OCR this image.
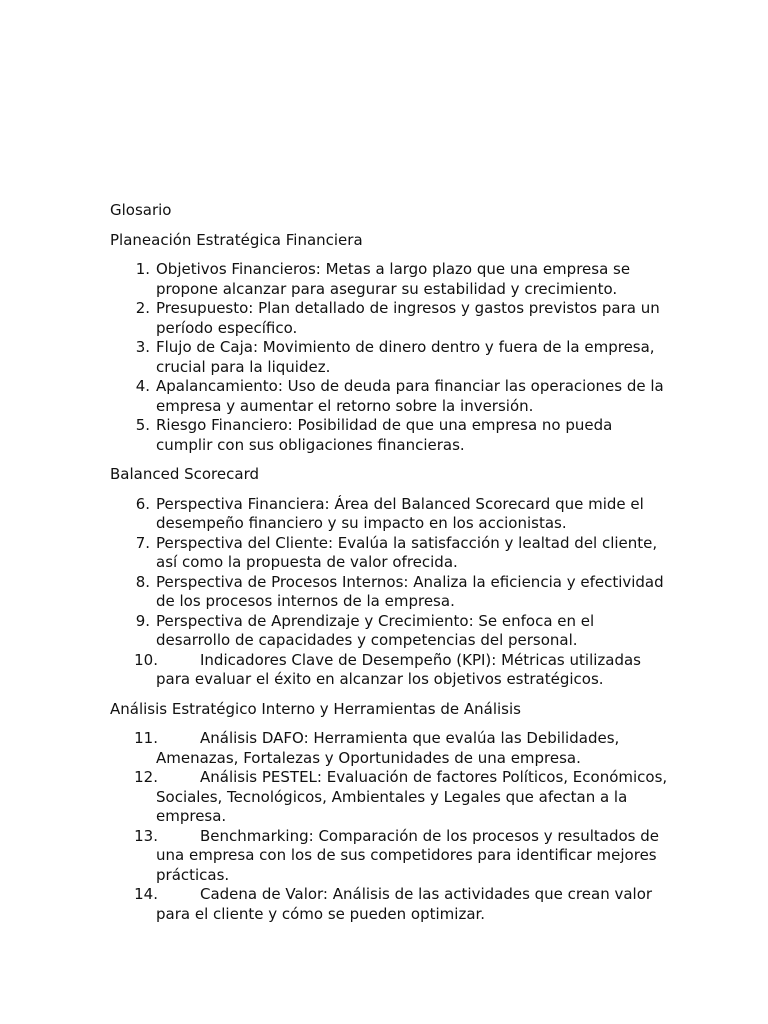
Glosario

Planeación Estratégica Financiera

1. Objetivos Financieros: Metas a largo plazo que una empresa se propone alcanzar para asegurar su estabilidad y crecimiento.
2. Presupuesto: Plan detallado de ingresos y gastos previstos para un período específico.
3. Flujo de Caja: Movimiento de dinero dentro y fuera de la empresa, crucial para la liquidez.
4. Apalancamiento: Uso de deuda para financiar las operaciones de la empresa y aumentar el retorno sobre la inversión.
5. Riesgo Financiero: Posibilidad de que una empresa no pueda cumplir con sus obligaciones financieras.

Balanced Scorecard

6. Perspectiva Financiera: Área del Balanced Scorecard que mide el desempeño financiero y su impacto en los accionistas.
7. Perspectiva del Cliente: Evalúa la satisfacción y lealtad del cliente, así como la propuesta de valor ofrecida.
8. Perspectiva de Procesos Internos: Analiza la eficiencia y efectividad de los procesos internos de la empresa.
9. Perspectiva de Aprendizaje y Crecimiento: Se enfoca en el desarrollo de capacidades y competencias del personal.
10.	Indicadores Clave de Desempeño (KPI): Métricas utilizadas para evaluar el éxito en alcanzar los objetivos estratégicos.

Análisis Estratégico Interno y Herramientas de Análisis

11.	Análisis DAFO: Herramienta que evalúa las Debilidades, Amenazas, Fortalezas y Oportunidades de una empresa.
12.	Análisis PESTEL: Evaluación de factores Políticos, Económicos, Sociales, Tecnológicos, Ambientales y Legales que afectan a la empresa.
13.	Benchmarking: Comparación de los procesos y resultados de una empresa con los de sus competidores para identificar mejores prácticas.
14.	Cadena de Valor: Análisis de las actividades que crean valor para el cliente y cómo se pueden optimizar.
